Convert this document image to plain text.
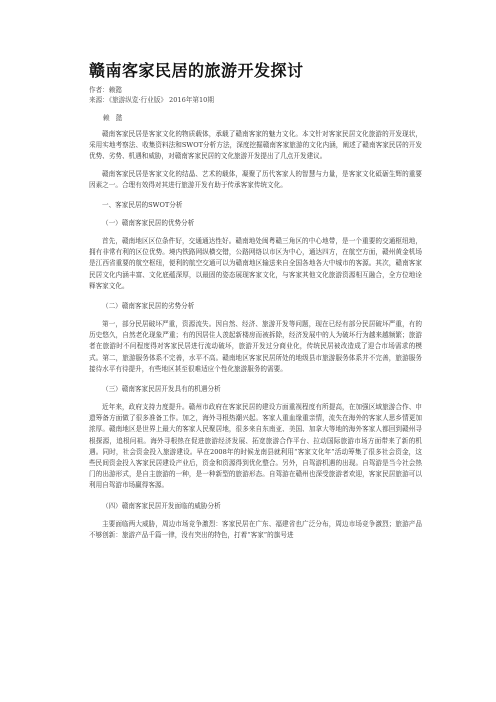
赣南客家民居的旅游开发探讨
作者：赖懿
来源：《旅游纵览·行业版》 2016年第10期
赖 懿

赣南客家民居是客家文化的物质载体，承载了赣南客家的魅力文化。本文针对客家民居文化旅游的开发现状，采用实地考察法、收集资料法和SWOT分析方法，深度挖掘赣南客家旅游的文化内涵，阐述了赣南客家民居的开发优势、劣势、机遇和威胁，对赣南客家民居的文化旅游开发提出了几点开发建议。

赣南客家民居是客家文化的结晶、艺术的载体，凝聚了历代客家人的智慧与力量，是客家文化砥砺生辉的重要因素之一。合理有效得对其进行旅游开发有助于传承客家传统文化。

一、客家民居的SWOT分析
（一）赣南客家民居的优势分析

首先，赣南地区区位条件好，交通通达性好。赣南地处闽粤赣三角区的中心地带，是一个重要的交通枢纽地，拥有非常有利的区位优势。境内铁路网纵横交错，公路网络以市区为中心，通达四方，在航空方面，赣州黄金机场是江西省重要的航空枢纽，便利的航空交通可以为赣南地区输送来自全国各地各大中城市的客源。其次，赣南客家民居文化内涵丰富、文化底蕴深厚，以最固的姿态展现客家文化，与客家其他文化旅游资源相互融合，全方位地诠释客家文化。

（二）赣南客家民居的劣势分析

第一，部分民居破坏严重，资源流失。因自然、经济、旅游开发等问题，现在已经有部分民居破坏严重，有的历史悠久，自然老化现象严重；有的因居住人羡起新楼房而被拆除，经济发展中的人为破坏行为越来越频繁；旅游者在旅游时不问程度得对客家民居进行流动破坏，旅游开发过分商业化，传统民居被改造成了迎合市场需求的模式。第二，旅游服务体系不完善，水平不高。赣南地区客家民居所处的地级县市旅游服务体系并不完善，旅游服务接待水平有待提升，有些地区甚至很难适应个性化旅游服务的需要。

（三）赣南客家民居开发具有的机遇分析

近年来，政府支持力度提升。赣州市政府在客家民居的建设方面重视程度有所提高，在加强区域旅游合作、申遗筹备方面做了很多准备工作。加之，海外寻根热潮兴起。客家人重血缘重亲情，流失在海外的客家人思乡情更加浓厚。赣南地区是世界上最大的客家人民聚居地，很多来自东南亚、美国、加拿大等地的海外客家人都回到赣州寻根探源，追根问祖。海外寻根热在促进旅游经济发展、拓宽旅游合作平台、拉动国际旅游市场方面带来了新的机遇。同时，社会资金投入旅游建设。早在2008年的时候龙南县就利用“客家文化年”活动筹集了很多社会资金，这些民间资金投入客家民居建设产业后，资金和资源得到优化整合。另外，自驾游机遇的出现。自驾游是当今社会热门的出游形式，是自主旅游的一种，是一种新型的旅游形态。自驾游在赣州也深受旅游者欢迎，客家民居旅游可以利用自驾游市场赢得客源。

（四）赣南客家民居开发面临的威胁分析

主要面临两大威胁，周边市场竞争激烈：客家民居在广东、福建省也广泛分布，周边市场竞争激烈；旅游产品不够创新：旅游产品千篇一律，没有突出的特色，打着“客家”的旗号进
